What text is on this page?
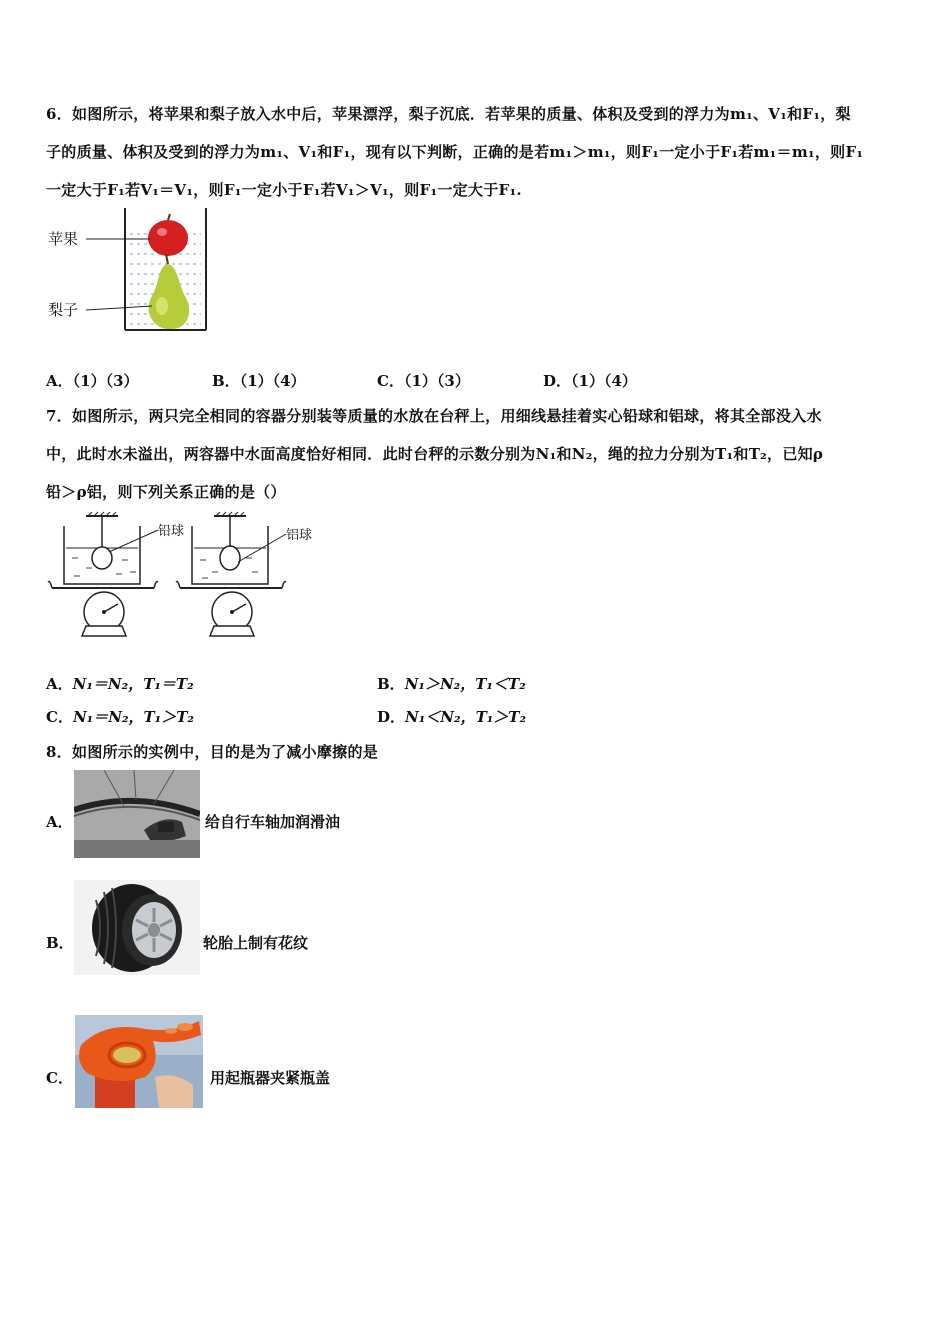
6．如图所示，将苹果和梨子放入水中后，苹果漂浮，梨子沉底．若苹果的质量、体积及受到的浮力为m₁、V₁和F₁，梨
子的质量、体积及受到的浮力为m₁、V₁和F₁，现有以下判断，正确的是若m₁＞m₁，则F₁一定小于F₁若m₁＝m₁，则F₁
一定大于F₁若V₁＝V₁，则F₁一定小于F₁若V₁＞V₁，则F₁一定大于F₁.
苹果
梨子
A．（1）（3）	B．（1）（4）	C．（1）（3）	D．（1）（4）
7．如图所示，两只完全相同的容器分别装等质量的水放在台秤上，用细线悬挂着实心铅球和铝球，将其全部没入水
中，此时水未溢出，两容器中水面高度恰好相同．此时台秤的示数分别为N₁和N₂，绳的拉力分别为T₁和T₂，已知ρ
铅＞ρ铝，则下列关系正确的是（）
铅球	铝球
A．N₁＝N₂，T₁＝T₂	B．N₁＞N₂，T₁＜T₂
C．N₁＝N₂，T₁＞T₂	D．N₁＜N₂，T₁＞T₂
8．如图所示的实例中，目的是为了减小摩擦的是
A．	给自行车轴加润滑油
B．	轮胎上制有花纹
C．	用起瓶器夹紧瓶盖
